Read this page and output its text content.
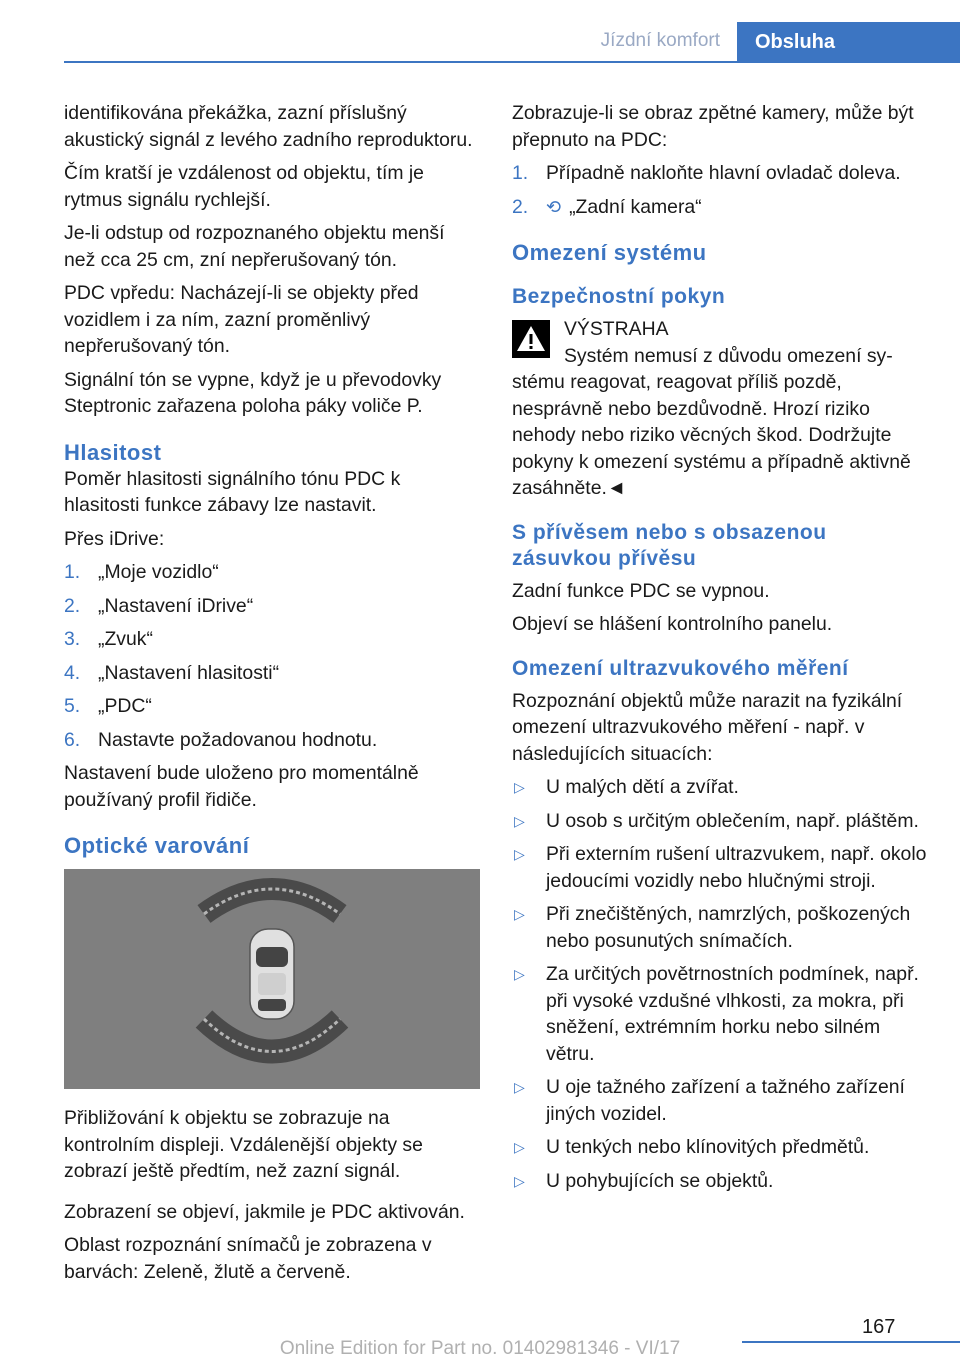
Jízdní komfort	Obsluha

identifikována překážka, zazní příslušný akustický signál z levého zadního reproduktoru.

Čím kratší je vzdálenost od objektu, tím je rytmus signálu rychlejší.

Je-li odstup od rozpoznaného objektu menší než cca 25 cm, zní nepřerušovaný tón.

PDC vpředu: Nacházejí-li se objekty před vozidlem i za ním, zazní proměnlivý nepřerušovaný tón.

Signální tón se vypne, když je u převodovky Steptronic zařazena poloha páky voliče P.

Hlasitost

Poměr hlasitosti signálního tónu PDC k hlasitosti funkce zábavy lze nastavit.

Přes iDrive:

1. „Moje vozidlo“
2. „Nastavení iDrive“
3. „Zvuk“
4. „Nastavení hlasitosti“
5. „PDC“
6. Nastavte požadovanou hodnotu.

Nastavení bude uloženo pro momentálně používaný profil řidiče.

Optické varování

Přibližování k objektu se zobrazuje na kontrolním displeji. Vzdálenější objekty se zobrazí ještě předtím, než zazní signál.

Zobrazení se objeví, jakmile je PDC aktivován.

Oblast rozpoznání snímačů je zobrazena v barvách: Zeleně, žlutě a červeně.

Zobrazuje-li se obraz zpětné kamery, může být přepnuto na PDC:

1. Případně nakloňte hlavní ovladač doleva.
2. ⟲ „Zadní kamera“
Omezení systému
Bezpečnostní pokyn
VÝSTRAHA
Systém nemusí z důvodu omezení sy-

stému reagovat, reagovat příliš pozdě, nesprávně nebo bezdůvodně. Hrozí riziko nehody nebo riziko věcných škod. Dodržujte pokyny k omezení systému a případně aktivně zasáhněte.◄

S přívěsem nebo s obsazenou zásuvkou přívěsu

Zadní funkce PDC se vypnou.

Objeví se hlášení kontrolního panelu.

Omezení ultrazvukového měření

Rozpoznání objektů může narazit na fyzikální omezení ultrazvukového měření - např. v následujících situacích:

▷ U malých dětí a zvířat.
▷ U osob s určitým oblečením, např. pláštěm.
▷ Při externím rušení ultrazvukem, např. okolo jedoucími vozidly nebo hlučnými stroji.
▷ Při znečištěných, namrzlých, poškozených nebo posunutých snímačích.
▷ Za určitých povětrnostních podmínek, např. při vysoké vzdušné vlhkosti, za mokra, při sněžení, extrémním horku nebo silném větru.
▷ U oje tažného zařízení a tažného zařízení jiných vozidel.
▷ U tenkých nebo klínovitých předmětů.
▷ U pohybujících se objektů.
167
Online Edition for Part no. 01402981346 - VI/17
